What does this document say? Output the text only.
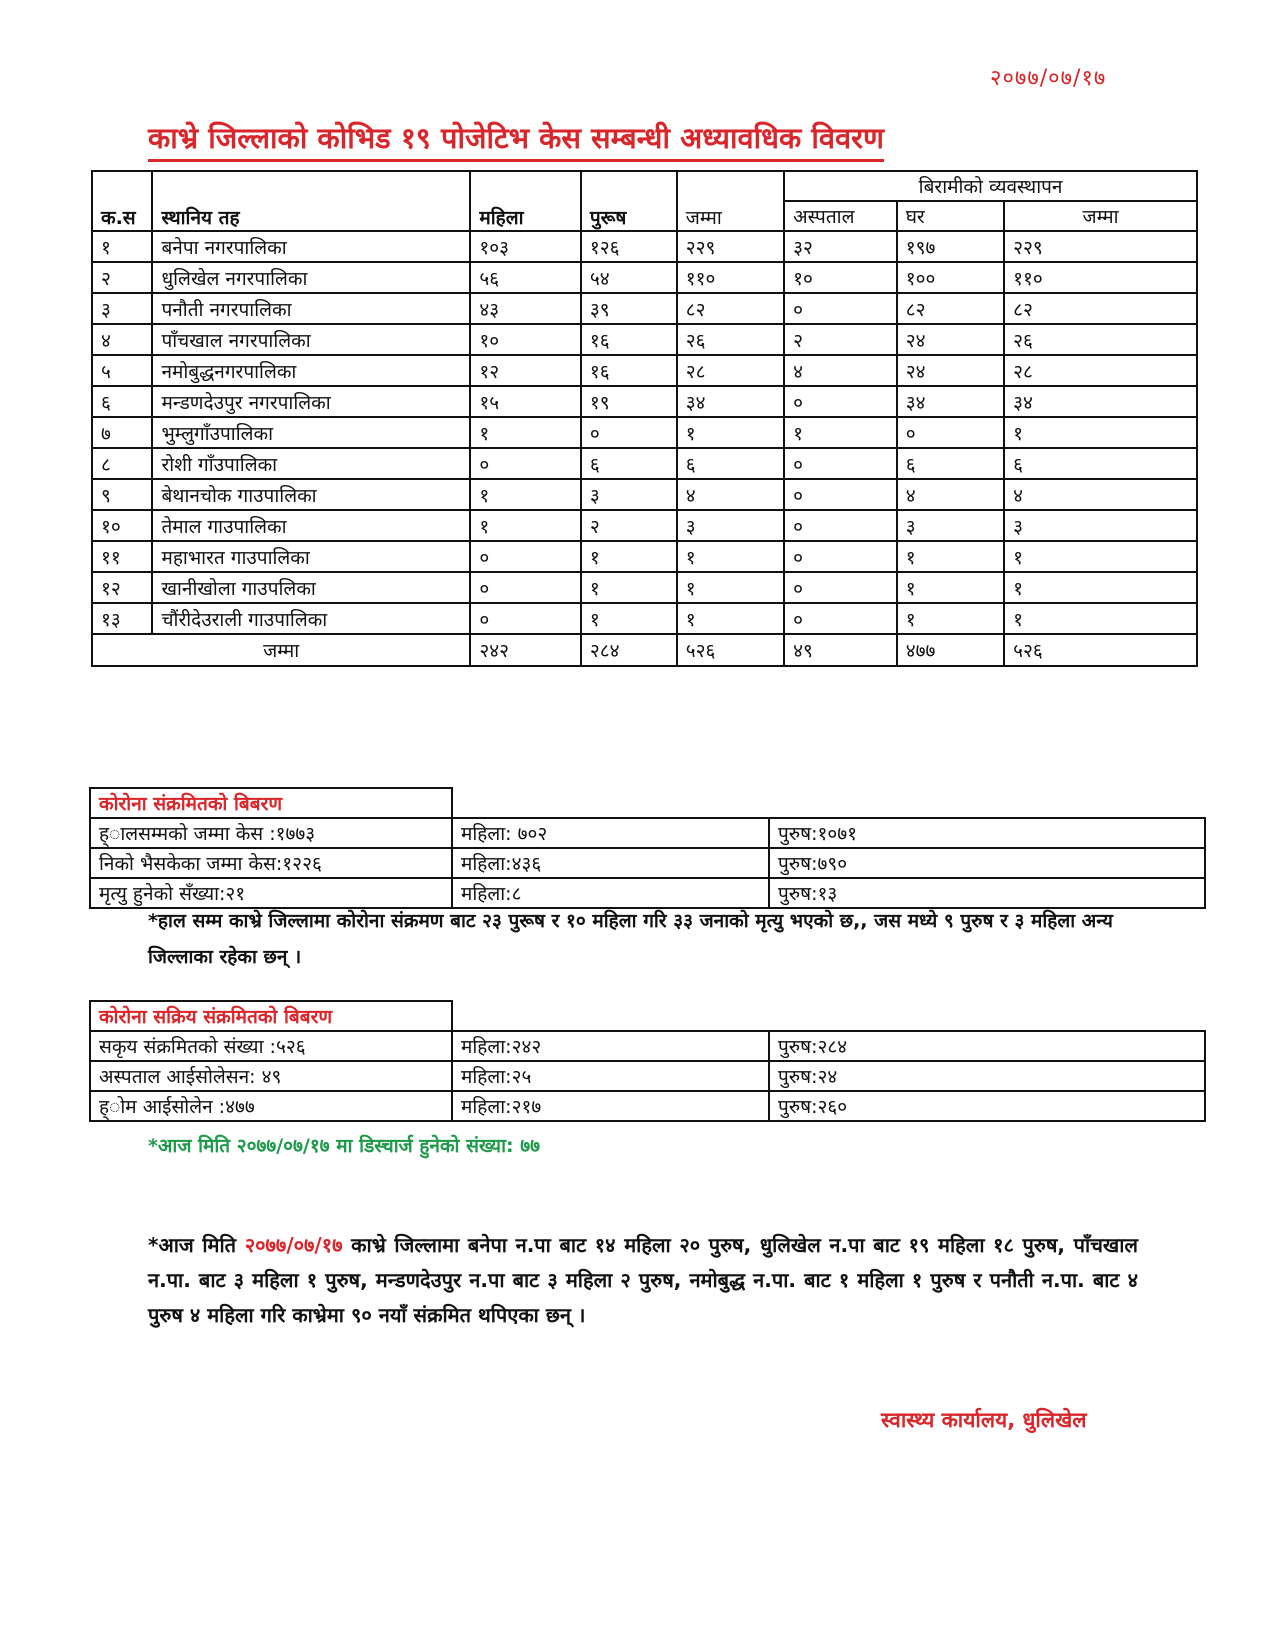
२०७७/०७/१७
काभ्रे जिल्लाको कोभिड १९ पोजेटिभ केस सम्बन्धी अध्यावधिक विवरण
क.स	स्थानिय तह	महिला	पुरूष	जम्मा	बिरामीको व्यवस्थापन		
					अस्पताल	घर	जम्मा
१	बनेपा नगरपालिका	१०३	१२६	२२९	३२	१९७	२२९
२	धुलिखेल नगरपालिका	५६	५४	११०	१०	१००	११०
३	पनौती नगरपालिका	४३	३९	८२	०	८२	८२
४	पाँचखाल नगरपालिका	१०	१६	२६	२	२४	२६
५	नमोबुद्धनगरपालिका	१२	१६	२८	४	२४	२८
६	मन्डणदेउपुर नगरपालिका	१५	१९	३४	०	३४	३४
७	भुम्लुगाँउपालिका	१	०	१	१	०	१
८	रोशी गाँउपालिका	०	६	६	०	६	६
९	बेथानचोक गाउपालिका	१	३	४	०	४	४
१०	तेमाल गाउपालिका	१	२	३	०	३	३
११	महाभारत गाउपालिका	०	१	१	०	१	१
१२	खानीखोला गाउपलिका	०	१	१	०	१	१
१३	चौंरीदेउराली गाउपालिका	०	१	१	०	१	१
जम्मा		२४२	२८४	५२६	४९	४७७	५२६
कोरोना संक्रमितको बिबरण		
ह्ालसम्मको जम्मा केस :१७७३	महिला: ७०२	पुरुष:१०७१
निको भैसकेका जम्मा केस:१२२६	महिला:४३६	पुरुष:७९०
मृत्यु हुनेको सँख्या:२१	महिला:८	पुरुष:१३
*हाल सम्म काभ्रे जिल्लामा कोरोना संक्रमण बाट २३ पुरूष र १० महिला गरि ३३ जनाको मृत्यु भएको छ,, जस मध्ये ९ पुरुष र ३ महिला अन्य जिल्लाका रहेका छन् ।
कोरोना सक्रिय संक्रमितको बिबरण		
सकृय संक्रमितको संख्या :५२६	महिला:२४२	पुरुष:२८४
अस्पताल आईसोलेसन: ४९	महिला:२५	पुरुष:२४
ह्ोम आईसोलेन :४७७	महिला:२१७	पुरुष:२६०
*आज मिति २०७७/०७/१७ मा डिस्चार्ज हुनेको संख्या: ७७
*आज मिति २०७७/०७/१७ काभ्रे जिल्लामा बनेपा न.पा बाट १४ महिला २० पुरुष, धुलिखेल न.पा बाट १९ महिला १८ पुरुष, पाँचखाल न.पा. बाट ३ महिला १ पुरुष, मन्डणदेउपुर न.पा बाट ३ महिला २ पुरुष, नमोबुद्ध न.पा. बाट १ महिला १ पुरुष र पनौती न.पा. बाट ४ पुरुष ४ महिला गरि काभ्रेमा ९० नयाँ संक्रमित थपिएका छन् ।
स्वास्थ्य कार्यालय, धुलिखेल
